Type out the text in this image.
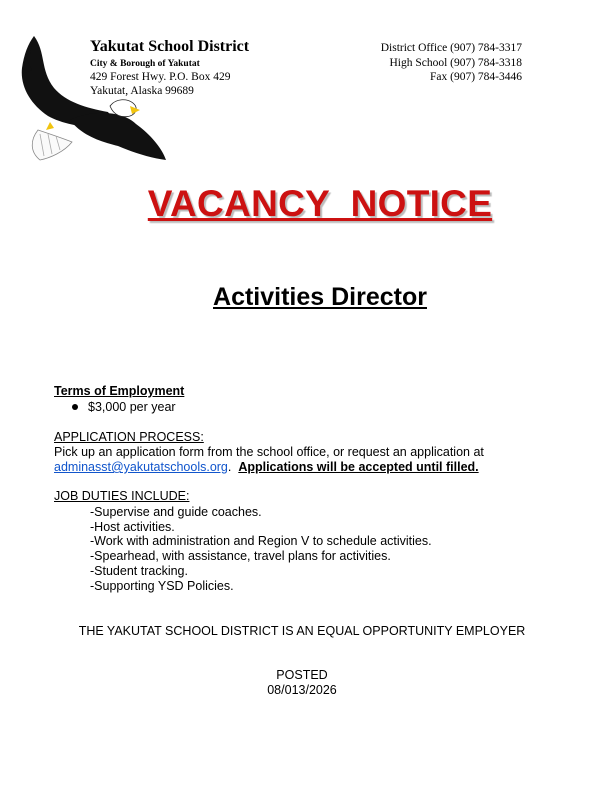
Yakutat School District
City & Borough of Yakutat
429 Forest Hwy. P.O. Box 429
Yakutat, Alaska 99689
District Office (907) 784-3317
High School (907) 784-3318
Fax (907) 784-3446
VACANCY  NOTICE
Activities Director
Terms of Employment
$3,000 per year
APPLICATION PROCESS:
Pick up an application form from the school office, or request an application at
adminasst@yakutatschools.org.  Applications will be accepted until filled.
JOB DUTIES INCLUDE:
-Supervise and guide coaches.
-Host activities.
-Work with administration and Region V to schedule activities.
-Spearhead, with assistance, travel plans for activities.
-Student tracking.
-Supporting YSD Policies.
THE YAKUTAT SCHOOL DISTRICT IS AN EQUAL OPPORTUNITY EMPLOYER
POSTED
08/013/2026
